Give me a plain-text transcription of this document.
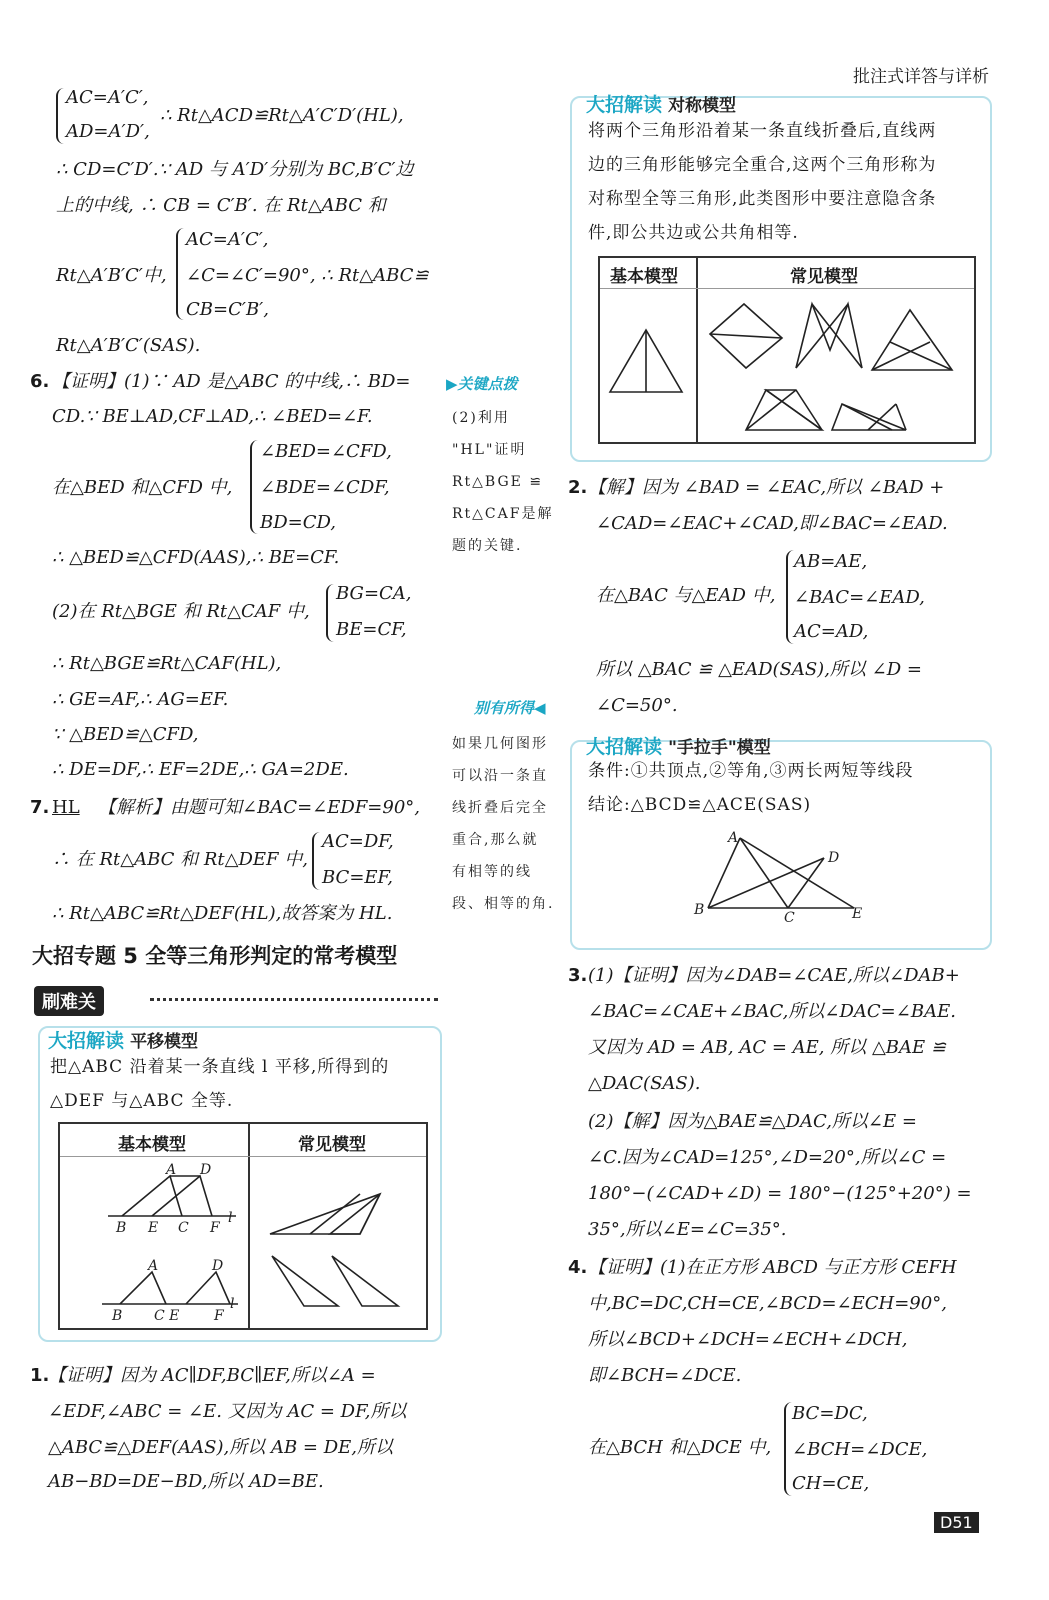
批注式详答与详析
AC=A′C′,
AD=A′D′,
∴ Rt△ACD≌Rt△A′C′D′(HL),
∴ CD=C′D′.∵ AD 与 A′D′分别为 BC,B′C′边
上的中线, ∴ CB = C′B′. 在 Rt△ABC 和
Rt△A′B′C′中,
AC=A′C′,
∠C=∠C′=90°, ∴ Rt△ABC≌
CB=C′B′,
Rt△A′B′C′(SAS).
6. 【证明】(1)∵ AD 是△ABC 的中线,∴ BD= ▶关键点拨
CD.∵ BE⊥AD,CF⊥AD,∴ ∠BED=∠F.
在△BED 和△CFD 中,
∠BED=∠CFD,
∠BDE=∠CDF,
BD=CD,
∴ △BED≌△CFD(AAS),∴ BE=CF.
(2)在 Rt△BGE 和 Rt△CAF 中,
BG=CA,
BE=CF,
∴ Rt△BGE≌Rt△CAF(HL),
∴ GE=AF,∴ AG=EF.
∵ △BED≌△CFD,
∴ DE=DF,∴ EF=2DE,∴ GA=2DE.
(2)利用
"HL"证明
Rt△BGE ≌
Rt△CAF是解
题的关键.
别有所得◀
如果几何图形
可以沿一条直
线折叠后完全
重合,那么就
有相等的线
段、相等的角.
7. HL 【解析】由题可知∠BAC=∠EDF=90°,
∴ 在 Rt△ABC 和 Rt△DEF 中,
AC=DF,
BC=EF,
∴ Rt△ABC≌Rt△DEF(HL),故答案为 HL.
大招专题 5 全等三角形判定的常考模型
刷难关
大招解读 平移模型
把△ABC 沿着某一条直线 l 平移,所得到的
△DEF 与△ABC 全等.
基本模型	常见模型
A D
B E C F
l
A	D
B C E F
l
1.
【证明】因为 AC∥DF,BC∥EF,所以∠A =
∠EDF,∠ABC = ∠E. 又因为 AC = DF,所以
△ABC≌△DEF(AAS),所以 AB = DE,所以
AB−BD=DE−BD,所以 AD=BE.
大招解读 对称模型
将两个三角形沿着某一条直线折叠后,直线两
边的三角形能够完全重合,这两个三角形称为
对称型全等三角形,此类图形中要注意隐含条
件,即公共边或公共角相等.
基本模型	常见模型
2. 【解】因为 ∠BAD = ∠EAC,所以 ∠BAD +
∠CAD=∠EAC+∠CAD,即∠BAC=∠EAD.
在△BAC 与△EAD 中,
AB=AE,
∠BAC=∠EAD,
AC=AD,
所以 △BAC ≌ △EAD(SAS),所以 ∠D =
∠C=50°.
大招解读 "手拉手"模型
条件:①共顶点,②等角,③两长两短等线段
结论:△BCD≌△ACE(SAS)
A
B	C
D
E
3. (1)【证明】因为∠DAB=∠CAE,所以∠DAB+
∠BAC=∠CAE+∠BAC,所以∠DAC=∠BAE.
又因为 AD = AB, AC = AE, 所以 △BAE ≌
△DAC(SAS).
(2)【解】因为△BAE≌△DAC,所以∠E =
∠C.因为∠CAD=125°,∠D=20°,所以∠C =
180°−(∠CAD+∠D) = 180°−(125°+20°) =
35°,所以∠E=∠C=35°.
4. 【证明】(1)在正方形 ABCD 与正方形 CEFH
中,BC=DC,CH=CE,∠BCD=∠ECH=90°,
所以∠BCD+∠DCH=∠ECH+∠DCH,
即∠BCH=∠DCE.
在△BCH 和△DCE 中,
BC=DC,
∠BCH=∠DCE,
CH=CE,
D51
